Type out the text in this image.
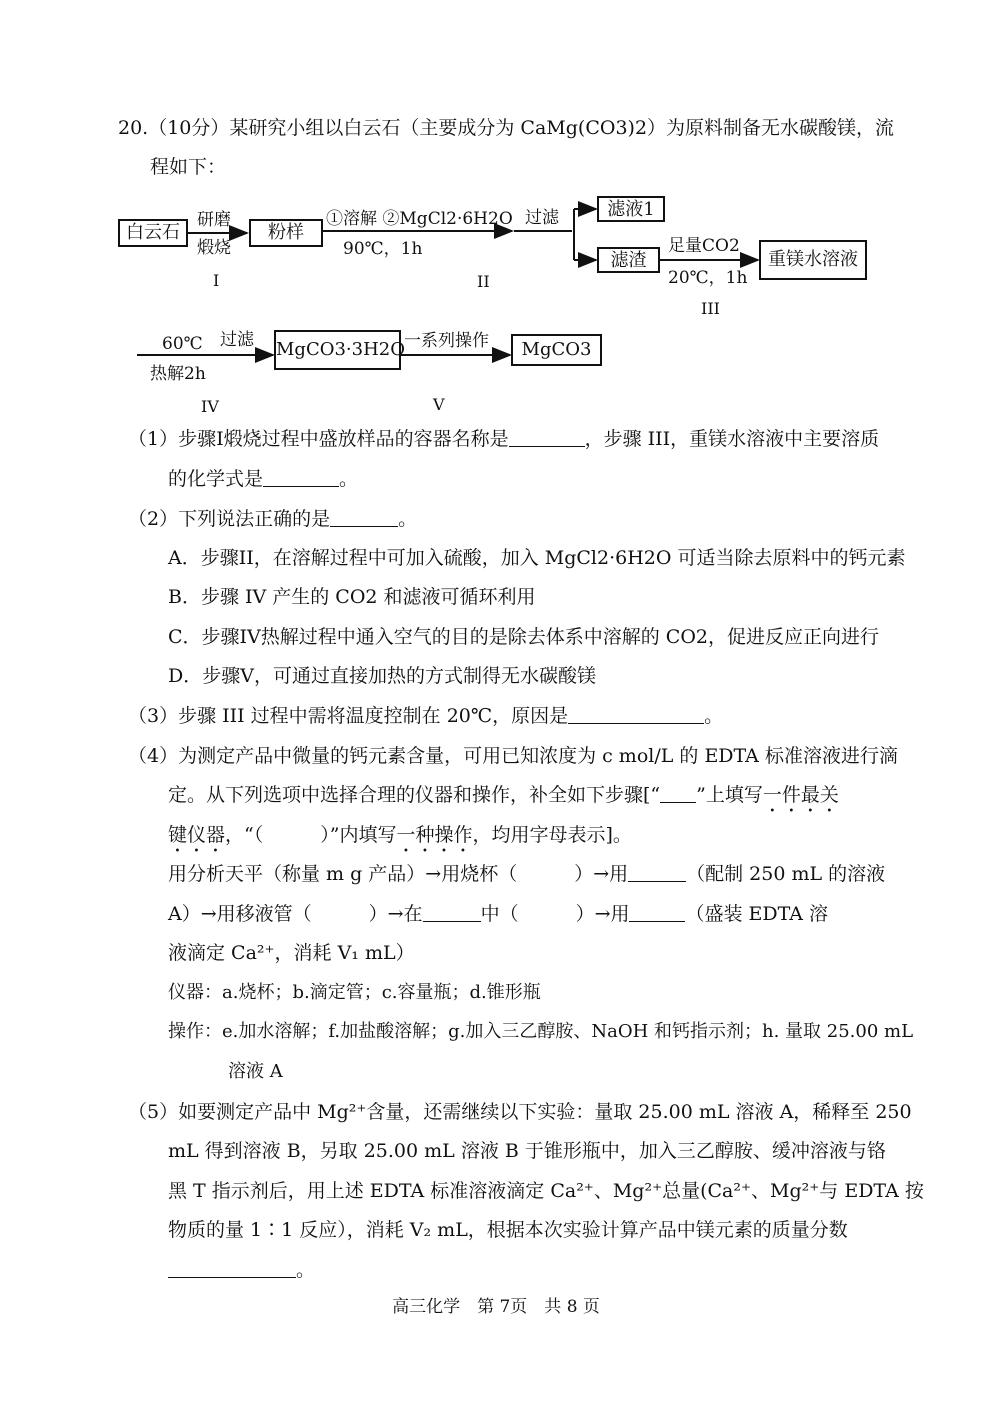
20.（10分）某研究小组以白云石（主要成分为 CaMg(CO3)2）为原料制备无水碳酸镁，流
程如下：
白云石	粉样
滤液1
滤渣	重镁水溶液
MgCO3·3H2O	MgCO3
研磨
煅烧
①溶解 ②MgCl2·6H2O
90℃，1h
过滤
足量CO2
20℃，1h
60℃
热解2h
过滤	一系列操作
I	II
III
IV	V
（1）步骤I煅烧过程中盛放样品的容器名称是	，步骤 III，重镁水溶液中主要溶质
的化学式是	。
（2）下列说法正确的是	。
A．步骤II，在溶解过程中可加入硫酸，加入 MgCl2·6H2O 可适当除去原料中的钙元素
B．步骤 IV 产生的 CO2 和滤液可循环利用
C．步骤IV热解过程中通入空气的目的是除去体系中溶解的 CO2，促进反应正向进行
D．步骤V，可通过直接加热的方式制得无水碳酸镁
（3）步骤 III 过程中需将温度控制在 20℃，原因是	。
（4）为测定产品中微量的钙元素含量，可用已知浓度为 c mol/L 的 EDTA 标准溶液进行滴
定。从下列选项中选择合理的仪器和操作，补全如下步骤[“ ”上填写一件最关
键仪器，“（　　　）”内填写一种操作，均用字母表示]。
用分析天平（称量 m g 产品）→用烧杯（　　　）→用	（配制 250 mL 的溶液
A）→用移液管（　　　）→在	中（　　　）→用	（盛装 EDTA 溶
液滴定 Ca²⁺，消耗 V₁ mL）
仪器：a.烧杯；b.滴定管；c.容量瓶；d.锥形瓶
操作：e.加水溶解；f.加盐酸溶解；g.加入三乙醇胺、NaOH 和钙指示剂；h. 量取 25.00 mL
溶液 A
（5）如要测定产品中 Mg²⁺含量，还需继续以下实验：量取 25.00 mL 溶液 A，稀释至 250
mL 得到溶液 B，另取 25.00 mL 溶液 B 于锥形瓶中，加入三乙醇胺、缓冲溶液与铬
黑 T 指示剂后，用上述 EDTA 标准溶液滴定 Ca²⁺、Mg²⁺总量(Ca²⁺、Mg²⁺与 EDTA 按
物质的量 1∶1 反应），消耗 V₂ mL，根据本次实验计算产品中镁元素的质量分数
。
高三化学　第 7页　共 8 页
